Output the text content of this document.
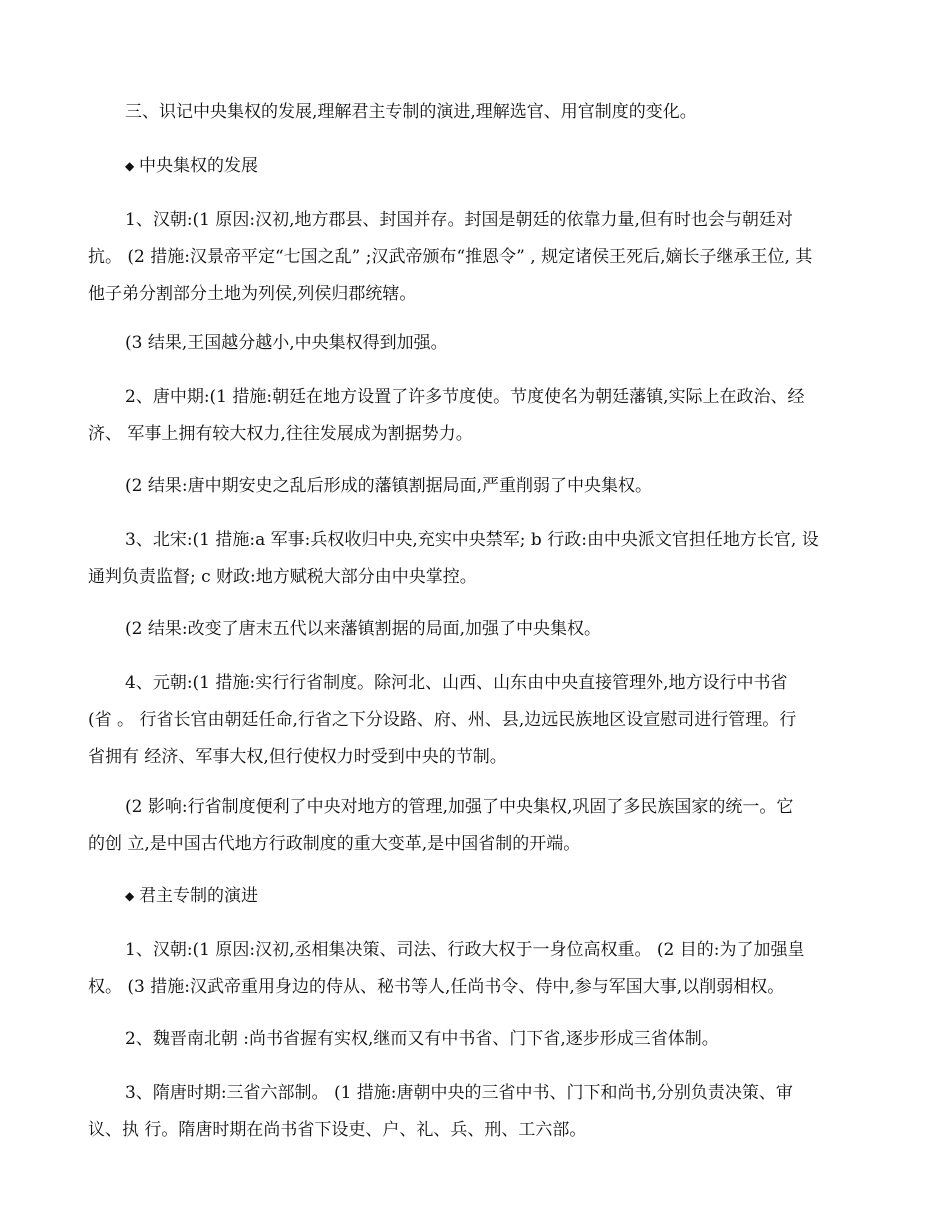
三、识记中央集权的发展,理解君主专制的演进,理解选官、用官制度的变化。
◆ 中央集权的发展
1、汉朝:(1 原因:汉初,地方郡县、封国并存。封国是朝廷的依靠力量,但有时也会与朝廷对
抗。 (2 措施:汉景帝平定“七国之乱” ;汉武帝颁布“推恩令” , 规定诸侯王死后,嫡长子继承王位, 其
他子弟分割部分土地为列侯,列侯归郡统辖。
(3 结果,王国越分越小,中央集权得到加强。
2、唐中期:(1 措施:朝廷在地方设置了许多节度使。节度使名为朝廷藩镇,实际上在政治、经
济、 军事上拥有较大权力,往往发展成为割据势力。
(2 结果:唐中期安史之乱后形成的藩镇割据局面,严重削弱了中央集权。
3、北宋:(1 措施:a 军事:兵权收归中央,充实中央禁军; b 行政:由中央派文官担任地方长官, 设
通判负责监督; c 财政:地方赋税大部分由中央掌控。
(2 结果:改变了唐末五代以来藩镇割据的局面,加强了中央集权。
4、元朝:(1 措施:实行行省制度。除河北、山西、山东由中央直接管理外,地方设行中书省
(省 。 行省长官由朝廷任命,行省之下分设路、府、州、县,边远民族地区设宣慰司进行管理。行
省拥有 经济、军事大权,但行使权力时受到中央的节制。
(2 影响:行省制度便利了中央对地方的管理,加强了中央集权,巩固了多民族国家的统一。它
的创 立,是中国古代地方行政制度的重大变革,是中国省制的开端。
◆ 君主专制的演进
1、汉朝:(1 原因:汉初,丞相集决策、司法、行政大权于一身位高权重。 (2 目的:为了加强皇
权。 (3 措施:汉武帝重用身边的侍从、秘书等人,任尚书令、侍中,参与军国大事,以削弱相权。
2、魏晋南北朝 :尚书省握有实权,继而又有中书省、门下省,逐步形成三省体制。
3、隋唐时期:三省六部制。 (1 措施:唐朝中央的三省中书、门下和尚书,分别负责决策、审
议、执 行。隋唐时期在尚书省下设吏、户、礼、兵、刑、工六部。
